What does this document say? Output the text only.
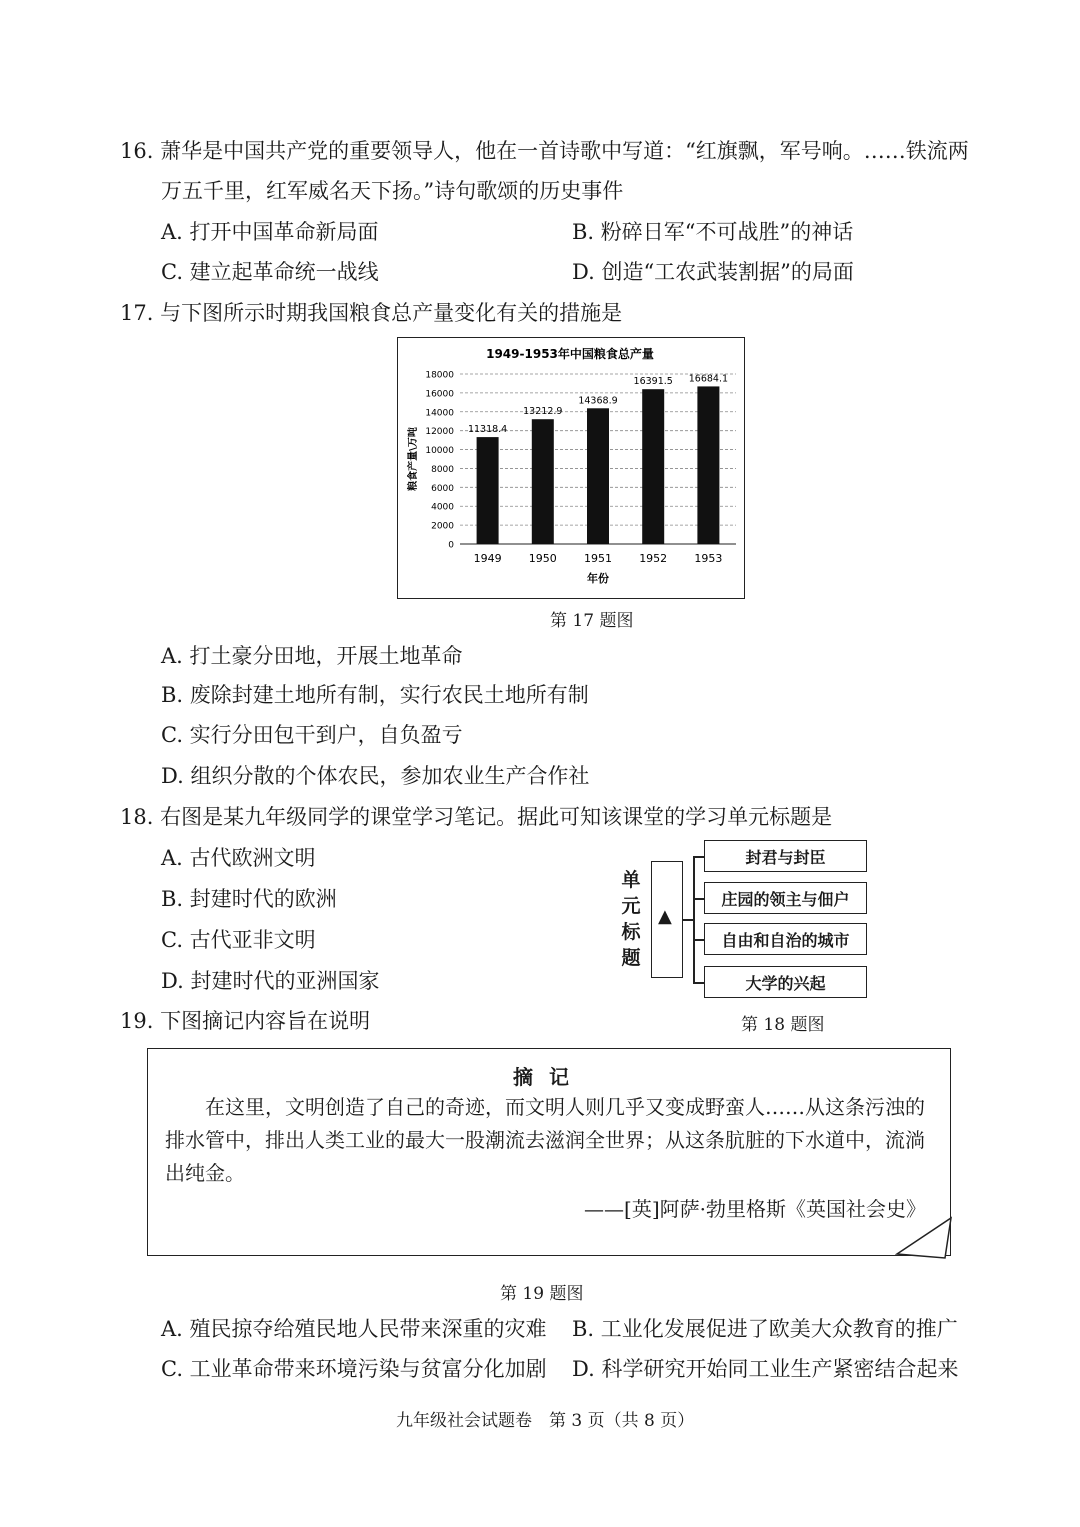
16. 萧华是中国共产党的重要领导人，他在一首诗歌中写道：“红旗飘，军号响。……铁流两
万五千里，红军威名天下扬。”诗句歌颂的历史事件
A. 打开中国革命新局面	B. 粉碎日军“不可战胜”的神话
C. 建立起革命统一战线	D. 创造“工农武装割据”的局面
17. 与下图所示时期我国粮食总产量变化有关的措施是
1949-1953年中国粮食总产量
0
2000
4000
6000
8000
10000
12000
14000
16000
18000
11318.4
1949
13212.9
1950
14368.9
1951
16391.5
1952
16684.1
1953
年份
粮食产量\万吨
第 17 题图
A. 打土豪分田地，开展土地革命
B. 废除封建土地所有制，实行农民土地所有制
C. 实行分田包干到户，自负盈亏
D. 组织分散的个体农民，参加农业生产合作社
18. 右图是某九年级同学的课堂学习笔记。据此可知该课堂的学习单元标题是
A. 古代欧洲文明
B. 封建时代的欧洲
C. 古代亚非文明
D. 封建时代的亚洲国家
单元标题
▲
封君与封臣
庄园的领主与佃户
自由和自治的城市
大学的兴起
第 18 题图
19. 下图摘记内容旨在说明
摘记
在这里，文明创造了自己的奇迹，而文明人则几乎又变成野蛮人……从这条污浊的排水管中，排出人类工业的最大一股潮流去滋润全世界；从这条肮脏的下水道中，流淌出纯金。
——[英]阿萨·勃里格斯《英国社会史》
第 19 题图
A. 殖民掠夺给殖民地人民带来深重的灾难 B. 工业化发展促进了欧美大众教育的推广
C. 工业革命带来环境污染与贫富分化加剧 D. 科学研究开始同工业生产紧密结合起来
九年级社会试题卷　第 3 页（共 8 页）
